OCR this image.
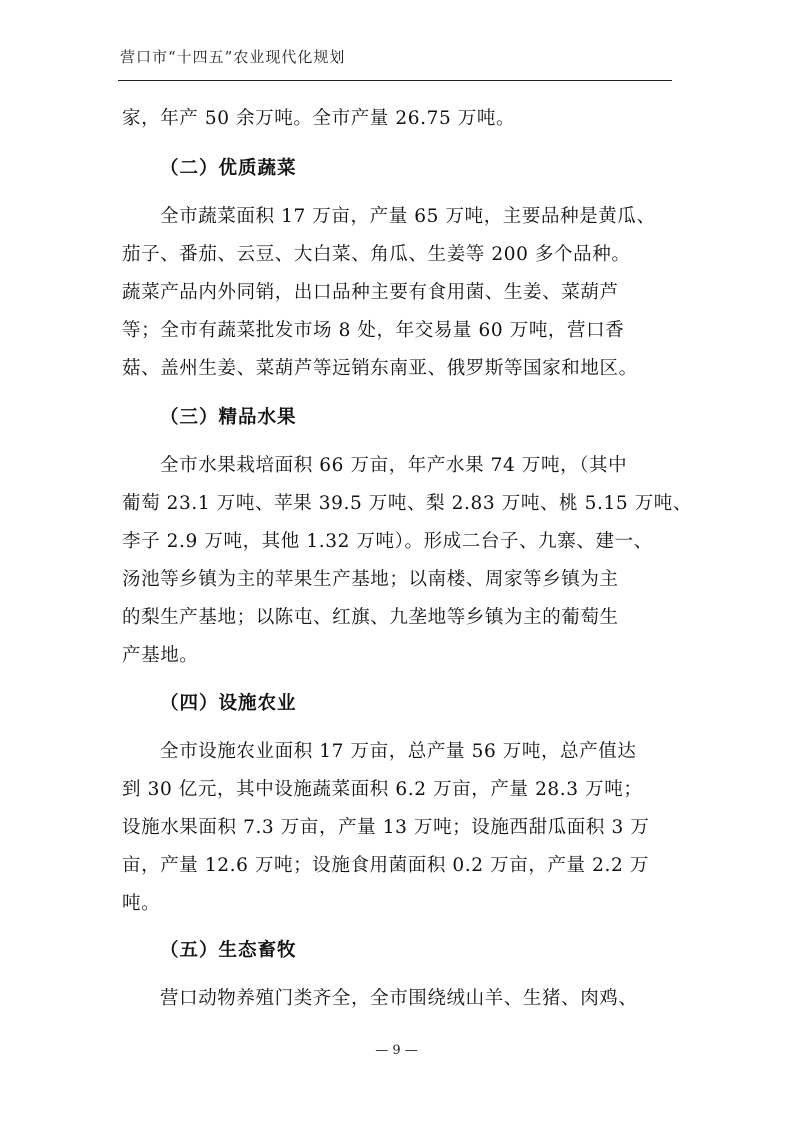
营口市“十四五”农业现代化规划
家，年产 50 余万吨。全市产量 26.75 万吨。
（二）优质蔬菜
全市蔬菜面积 17 万亩，产量 65 万吨，主要品种是黄瓜、
茄子、番茄、云豆、大白菜、角瓜、生姜等 200 多个品种。
蔬菜产品内外同销，出口品种主要有食用菌、生姜、菜葫芦
等；全市有蔬菜批发市场 8 处，年交易量 60 万吨，营口香
菇、盖州生姜、菜葫芦等远销东南亚、俄罗斯等国家和地区。
（三）精品水果
全市水果栽培面积 66 万亩，年产水果 74 万吨，（其中
葡萄 23.1 万吨、苹果 39.5 万吨、梨 2.83 万吨、桃 5.15 万吨、
李子 2.9 万吨，其他 1.32 万吨）。形成二台子、九寨、建一、
汤池等乡镇为主的苹果生产基地；以南楼、周家等乡镇为主
的梨生产基地；以陈屯、红旗、九垄地等乡镇为主的葡萄生
产基地。
（四）设施农业
全市设施农业面积 17 万亩，总产量 56 万吨，总产值达
到 30 亿元，其中设施蔬菜面积 6.2 万亩，产量 28.3 万吨；
设施水果面积 7.3 万亩，产量 13 万吨；设施西甜瓜面积 3 万
亩，产量 12.6 万吨；设施食用菌面积 0.2 万亩，产量 2.2 万
吨。
（五）生态畜牧
营口动物养殖门类齐全，全市围绕绒山羊、生猪、肉鸡、
— 9 —
